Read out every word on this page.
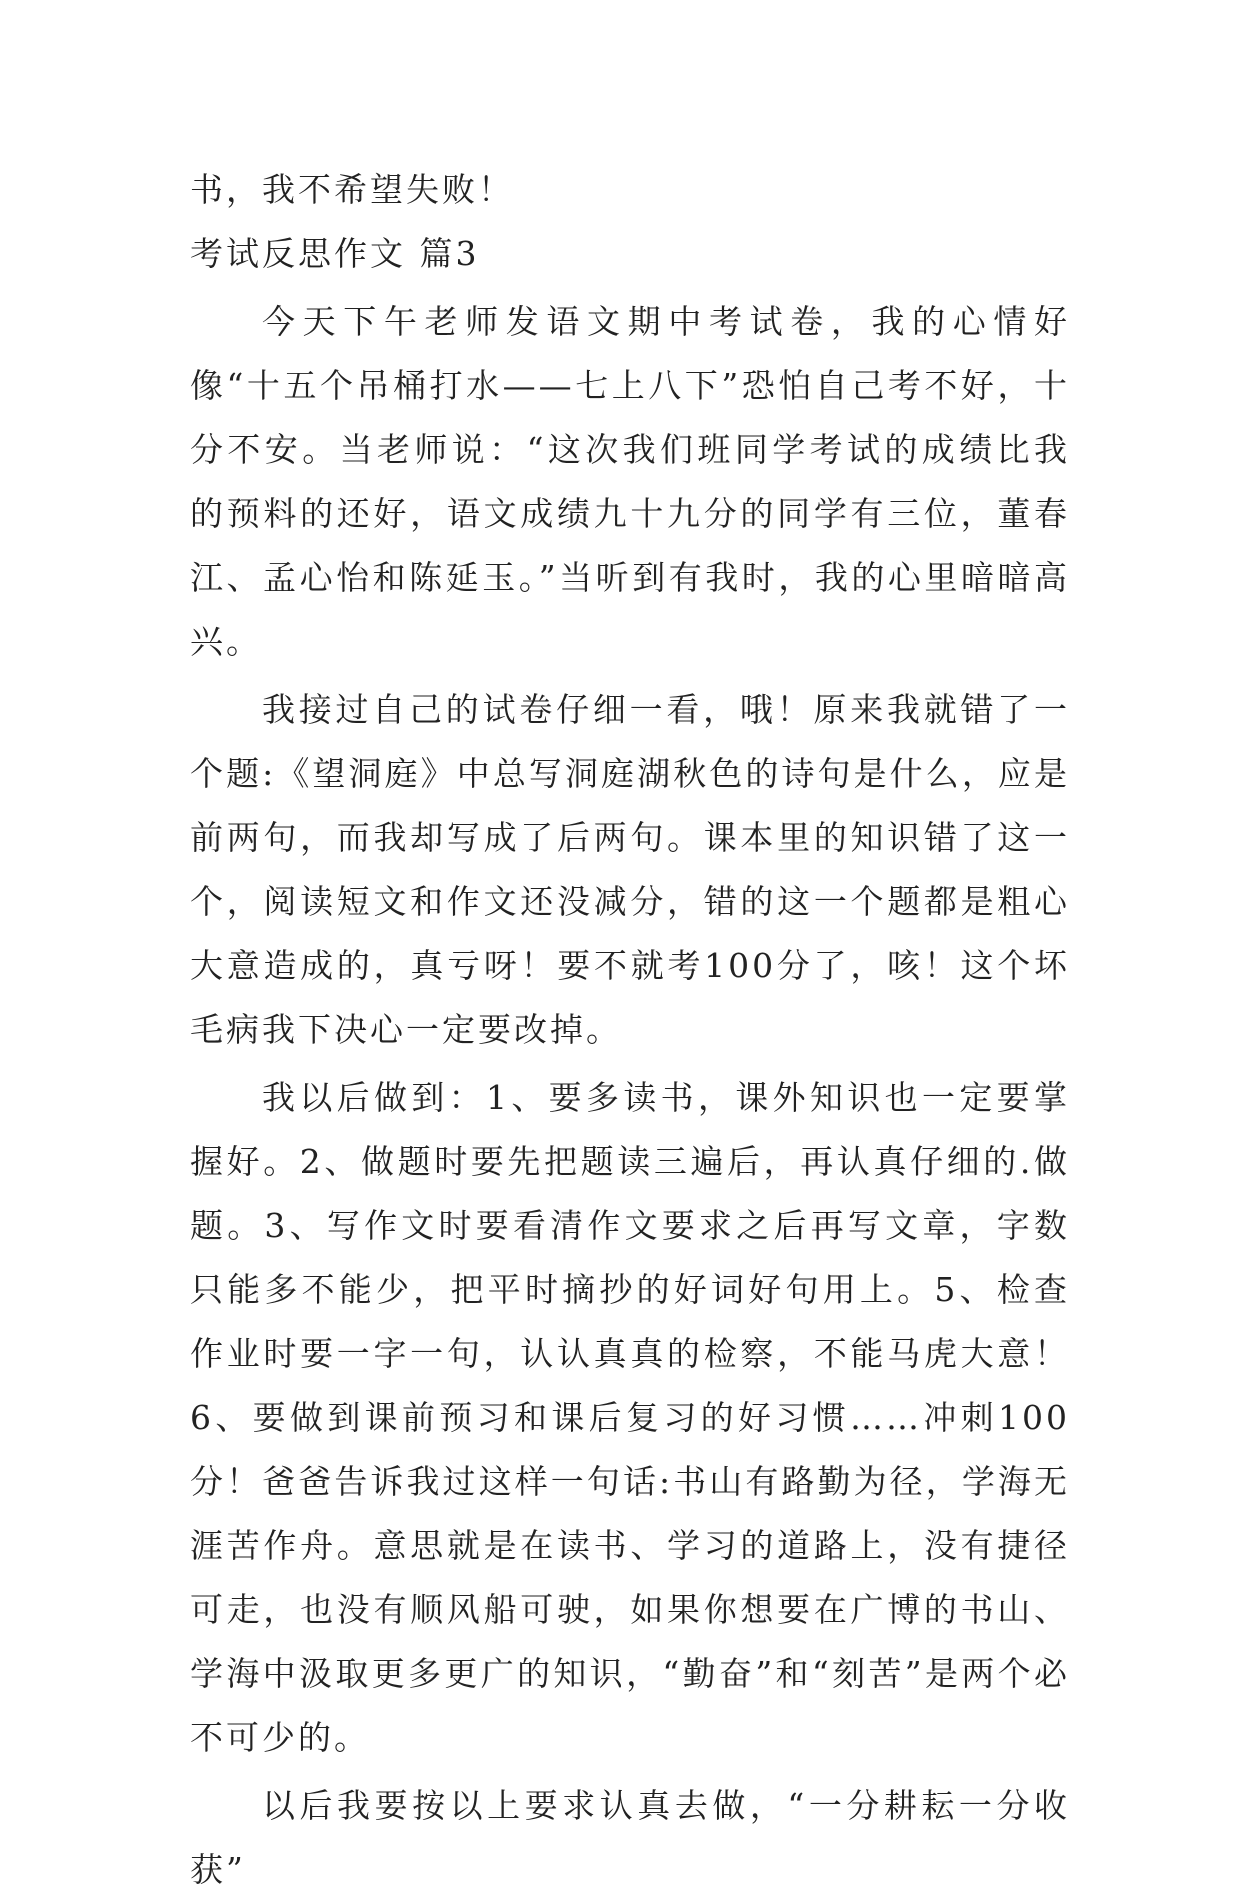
书，我不希望失败！

考试反思作文 篇3

今天下午老师发语文期中考试卷，我的心情好像“十五个吊桶打水——七上八下”恐怕自己考不好，十分不安。当老师说：“这次我们班同学考试的成绩比我的预料的还好，语文成绩九十九分的同学有三位，董春江、孟心怡和陈延玉。”当听到有我时，我的心里暗暗高兴。

我接过自己的试卷仔细一看，哦！原来我就错了一个题:《望洞庭》中总写洞庭湖秋色的诗句是什么，应是前两句，而我却写成了后两句。课本里的知识错了这一个，阅读短文和作文还没减分，错的这一个题都是粗心大意造成的，真亏呀！要不就考100分了，咳！这个坏毛病我下决心一定要改掉。

我以后做到：1、要多读书，课外知识也一定要掌握好。2、做题时要先把题读三遍后，再认真仔细的.做题。3、写作文时要看清作文要求之后再写文章，字数只能多不能少，把平时摘抄的好词好句用上。5、检查作业时要一字一句，认认真真的检察，不能马虎大意！6、要做到课前预习和课后复习的好习惯……冲刺100分！爸爸告诉我过这样一句话:书山有路勤为径，学海无涯苦作舟。意思就是在读书、学习的道路上，没有捷径可走，也没有顺风船可驶，如果你想要在广博的书山、学海中汲取更多更广的知识，“勤奋”和“刻苦”是两个必不可少的。

以后我要按以上要求认真去做，“一分耕耘一分收获”
